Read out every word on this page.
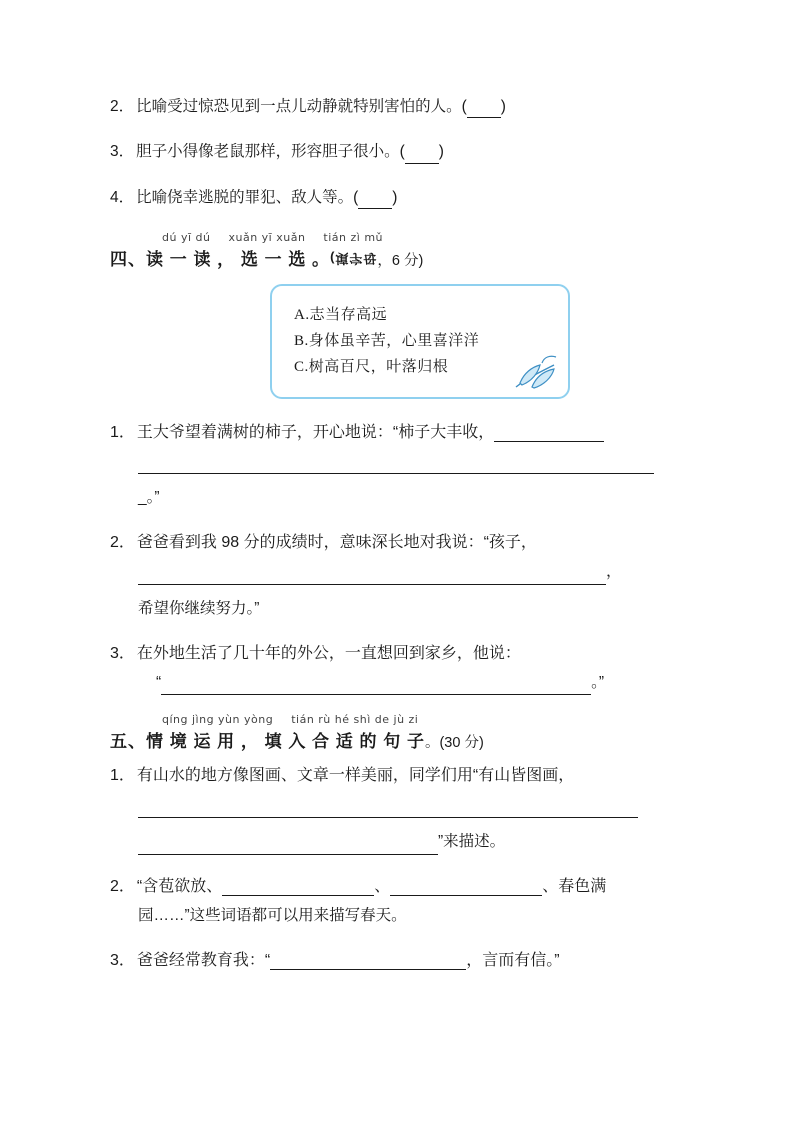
2． 比喻受过惊恐见到一点儿动静就特别害怕的人。( )
3． 胆子小得像老鼠那样，形容胆子很小。( )
4． 比喻侥幸逃脱的罪犯、敌人等。( )
dú yī dú xuǎn yī xuǎn tián zì mǔ
四、读 一 读 ， 选 一 选 。(填字母，6 分)
A.志当存高远
B.身体虽辛苦，心里喜洋洋
C.树高百尺，叶落归根
1． 王大爷望着满树的柿子，开心地说：“柿子大丰收，
_。”
2． 爸爸看到我 98 分的成绩时，意味深长地对我说：“孩子，
，
希望你继续努力。”
3． 在外地生活了几十年的外公，一直想回到家乡，他说：
“	。”
qíng jìng yùn yòng tián rù hé shì de jù zi
五、情 境 运 用 ， 填 入 合 适 的 句 子。(30 分)
1． 有山水的地方像图画、文章一样美丽，同学们用“有山皆图画，
”来描述。
2． “含苞欲放、	、	、春色满
园……”这些词语都可以用来描写春天。
3． 爸爸经常教育我：“	，言而有信。”
